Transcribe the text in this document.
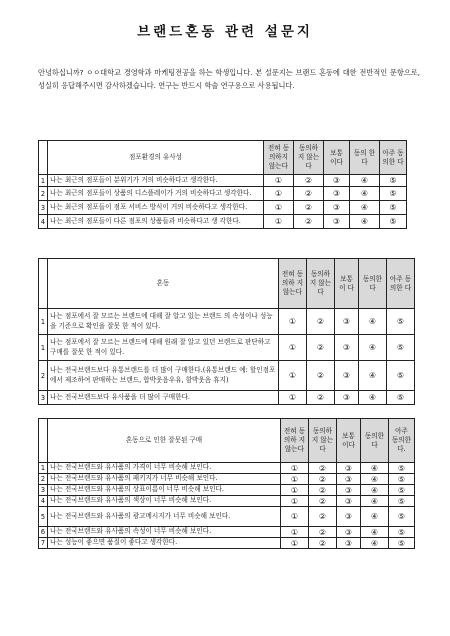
브랜드혼동 관련 설문지
안녕하십니까? ㅇㅇ대학교 경영학과 마케팅전공을 하는 학생입니다. 본 설문지는 브랜드 혼동에 대한 전반적인 문항으로, 성실히 응답해주시면 감사하겠습니다. 연구는 반드시 학술 연구용으로 사용됩니다.
	점포환경의 유사성	전혀 동의하지 않는다	동의하지 않는다	보통 이다	동의 한다	아주 동의한 다
1	나는 최근의 점포들이 분위기가 거의 비슷하다고 생각한다.	①	②	③	④	⑤
2	나는 최근의 점포들이 상품의 디스플레이가 거의 비슷하다고 생각한다.	①	②	③	④	⑤
3	나는 최근의 점포들이 점포 서비스 방식이 거의 비슷하다고 생각한다.	①	②	③	④	⑤
4	나는 최근의 점포들이 다른 점포의 상품들과 비슷하다고 생 각한다.	①	②	③	④	⑤
	혼동	전혀 동의하 지 않는다	동의하 지 않는다	보통이 다	동의한 다	아주 동의한 다
1	나는 점포에서 잘 모르는 브랜드에 대해 잘 알고 있는 브랜드 의 속성이나 성능을 기준으로 확인을 잘못 한 적이 있다.	①	②	③	④	⑤
1	나는 점포에서 잘 모르는 브랜드에 대해 원래 잘 알고 있던 브랜드로 판단하고 구매를 잘못 한 적이 있다.	①	②	③	④	⑤
2	나는 전국브랜드보다 유통브랜드를 더 많이 구매한다.(유통브랜드 예: 할인점포에서 제조하여 판매하는 브랜드, 합박웃음우유, 함박웃음 휴지)	①	②	③	④	⑤
3	나는 전국브랜드보다 유사품을 더 많이 구매한다.	①	②	③	④	⑤
	혼동으로 인한 잘못된 구매	전혀 동의하 지 않는다	동의하 지 않는다	보통 이다	동의한 다	아주 동의한 다.
1	나는 전국브랜드와 유사품의 가격이 너무 비슷해 보인다.	①	②	③	④	⑤
2	나는 전국브랜드와 유사품의 패키지가 너무 비슷해 보인다.	①	②	③	④	⑤
3	나는 전국브랜드와 유사품의 상표이름이 너무 비슷해 보인다.	①	②	③	④	⑤
4	나는 전국브랜드와 유사품의 색상이 너무 비슷해 보인다.	①	②	③	④	⑤
5	나는 전국브랜드와 유사품의 광고메시지가 너무 비슷해 보인다.	①	②	③	④	⑤
6	나는 전국브랜드와 유사품의 속성이 너무 비슷해 보인다.	①	②	③	④	⑤
7	나는 성능이 좋으면 품질이 좋다고 생각한다.	①	②	③	④	⑤
